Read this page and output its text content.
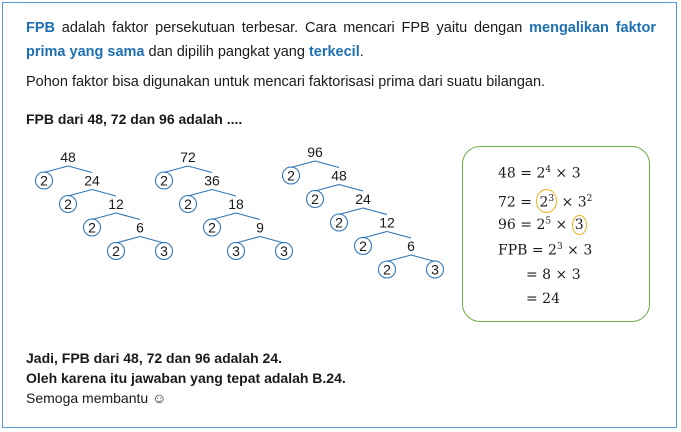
FPB adalah faktor persekutuan terbesar. Cara mencari FPB yaitu dengan mengalikan faktor prima yang sama dan dipilih pangkat yang terkecil.
Pohon faktor bisa digunakan untuk mencari faktorisasi prima dari suatu bilangan.
FPB dari 48, 72 dan 96 adalah ....
48
2	24
2	12
2	6
2	3
72
2	36
2	18
2	9
3	3
96
2	48
2	24
2	12
2	6
2	3
$48 = 2^4 \times 3$
$72 = 2^3 \times 3^2$
$96 = 2^5 \times 3$
FPB = $2^3 \times 3$
= 8 × 3
= 24
Jadi, FPB dari 48, 72 dan 96 adalah 24.
Oleh karena itu jawaban yang tepat adalah B.24.
Semoga membantu ☺
